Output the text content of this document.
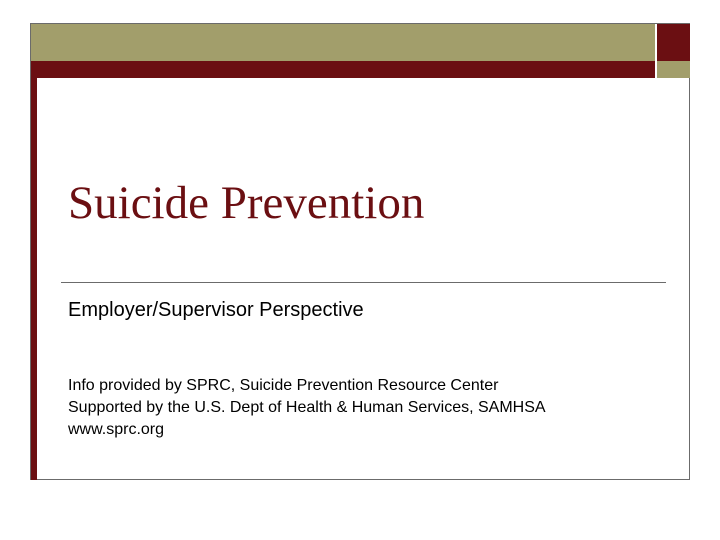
Suicide Prevention

Employer/Supervisor Perspective

Info provided by SPRC, Suicide Prevention Resource Center
Supported by the U.S. Dept of Health & Human Services, SAMHSA
www.sprc.org
